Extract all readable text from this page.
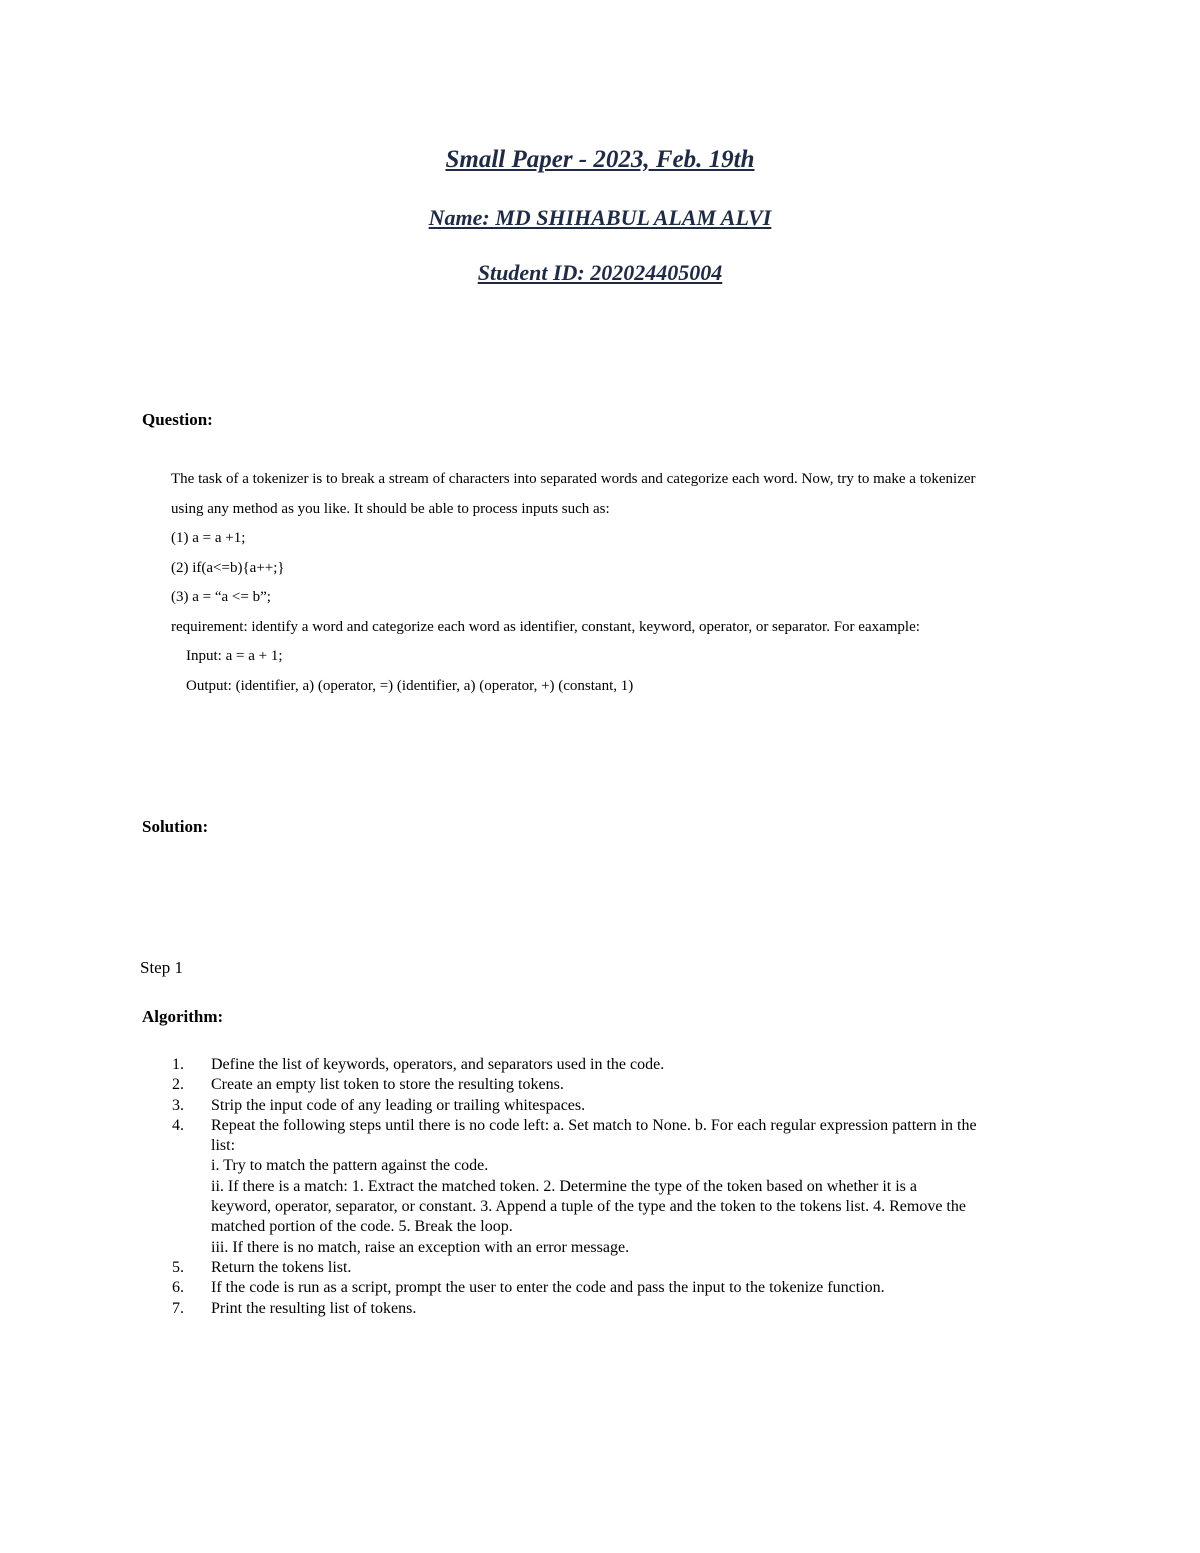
Small Paper - 2023, Feb. 19th

Name: MD SHIHABUL ALAM ALVI

Student ID: 202024405004

Question:

The task of a tokenizer is to break a stream of characters into separated words and categorize each word. Now, try to make a tokenizer

using any method as you like. It should be able to process inputs such as:

(1) a = a +1;

(2) if(a<=b){a++;}

(3) a = “a <= b”;

requirement: identify a word and categorize each word as identifier, constant, keyword, operator, or separator. For eaxample:

Input: a = a + 1;

Output: (identifier, a) (operator, =) (identifier, a) (operator, +) (constant, 1)

Solution:

Step 1

Algorithm:

1. Define the list of keywords, operators, and separators used in the code.
2. Create an empty list token to store the resulting tokens.
3. Strip the input code of any leading or trailing whitespaces.
4. Repeat the following steps until there is no code left: a. Set match to None. b. For each regular expression pattern in the
list:
i. Try to match the pattern against the code.
ii. If there is a match: 1. Extract the matched token. 2. Determine the type of the token based on whether it is a
keyword, operator, separator, or constant. 3. Append a tuple of the type and the token to the tokens list. 4. Remove the
matched portion of the code. 5. Break the loop.
iii. If there is no match, raise an exception with an error message.
5. Return the tokens list.
6. If the code is run as a script, prompt the user to enter the code and pass the input to the tokenize function.
7. Print the resulting list of tokens.
